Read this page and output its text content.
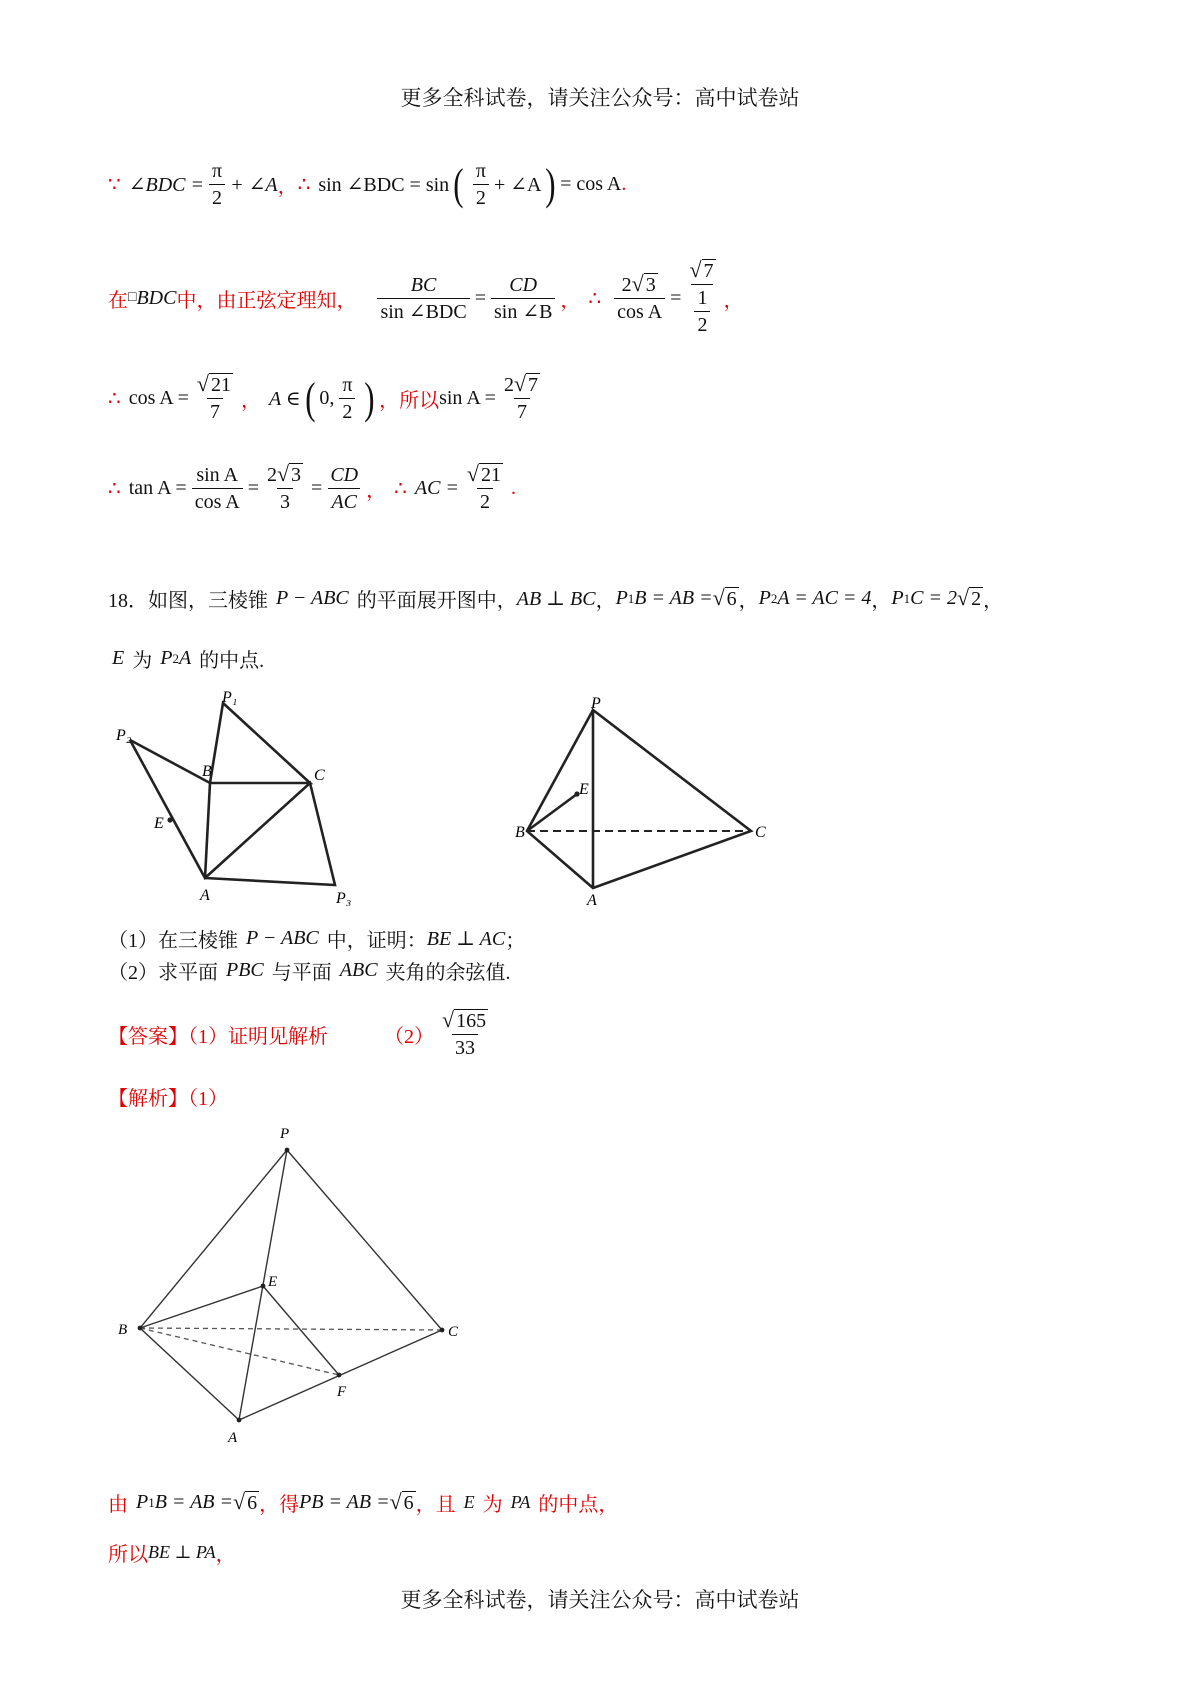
更多全科试卷，请关注公众号：高中试卷站
更多全科试卷，请关注公众号：高中试卷站
∵ ∠BDC = $\frac{\pi}{2}$ + ∠A ， ∴ sin ∠BDC = sin ( $\frac{\pi}{2}$ + ∠A ) = cos A .
在 □ BDC 中，由正弦定理知， $\frac{BC}{\text{sin ∠BDC}} = \frac{CD}{\sin \angle B}$ ， ∴ $\frac{2 √ 3}{\text{cos A}} = \frac{√ 7}{\frac{1}{2}}$ ，
∴ $\cos A = \frac{√ 21}{7}$ ， A ∈ ( 0, $\frac{\pi}{2}$ ) ， 所以 $\sin A = \frac{2 √ 7}{7}$
∴ $\tan A = \frac{\text{sin A}}{\text{cos A}} = \frac{2 √ 3}{3} = \frac{CD}{AC}$ ， ∴ AC = $\frac{√ 21}{2}$ .
18．如图，三棱锥 P − ABC 的平面展开图中， AB ⊥ BC ， P 1 B = AB = √ 6 ， P 2 A = AC = 4 ， P 1 C = 2 √ 2 ，
E 为 P 2 A 的中点.
P₁
P₂
P₃
B	C
E
A
P
E
B	C
A
（1）在三棱锥 P − ABC 中，证明： BE ⊥ AC ；
（2）求平面 PBC 与平面 ABC 夹角的余弦值.
【答案】（1）证明见解析	$(2) \frac{√ 165}{33}$
【解析】（1）
P
E
B	C
F
A
由 P 1 B = AB = √ 6 ，得 PB = AB = √ 6 ，且 E 为 PA 的中点，
所以 BE ⊥ PA ，
